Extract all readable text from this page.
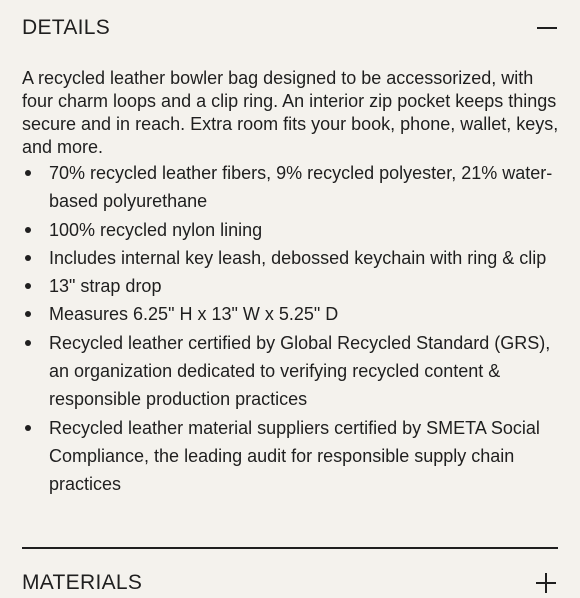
DETAILS

A recycled leather bowler bag designed to be accessorized, with four charm loops and a clip ring. An interior zip pocket keeps things secure and in reach. Extra room fits your book, phone, wallet, keys, and more.

70% recycled leather fibers, 9% recycled polyester, 21% water-based polyurethane
100% recycled nylon lining
Includes internal key leash, debossed keychain with ring & clip
13" strap drop
Measures 6.25" H x 13" W x 5.25" D
Recycled leather certified by Global Recycled Standard (GRS), an organization dedicated to verifying recycled content & responsible production practices
Recycled leather material suppliers certified by SMETA Social Compliance, the leading audit for responsible supply chain practices
MATERIALS
